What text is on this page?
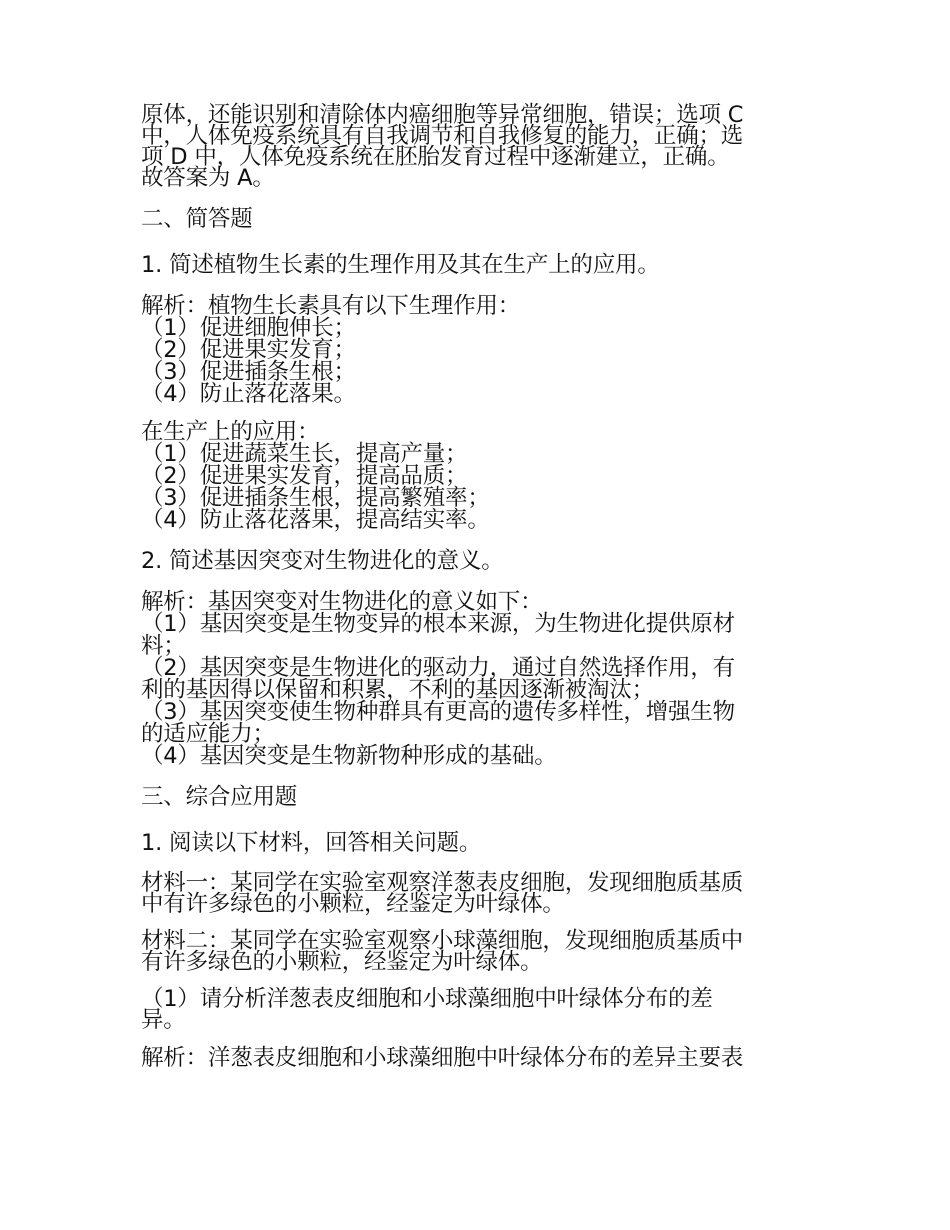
原体，还能识别和清除体内癌细胞等异常细胞，错误；选项 C
中，人体免疫系统具有自我调节和自我修复的能力，正确；选
项 D 中，人体免疫系统在胚胎发育过程中逐渐建立，正确。
故答案为 A。
二、简答题
1. 简述植物生长素的生理作用及其在生产上的应用。
解析：植物生长素具有以下生理作用：
（1）促进细胞伸长；
（2）促进果实发育；
（3）促进插条生根；
（4）防止落花落果。
在生产上的应用：
（1）促进蔬菜生长，提高产量；
（2）促进果实发育，提高品质；
（3）促进插条生根，提高繁殖率；
（4）防止落花落果，提高结实率。
2. 简述基因突变对生物进化的意义。
解析：基因突变对生物进化的意义如下：
（1）基因突变是生物变异的根本来源，为生物进化提供原材
料；
（2）基因突变是生物进化的驱动力，通过自然选择作用，有
利的基因得以保留和积累，不利的基因逐渐被淘汰；
（3）基因突变使生物种群具有更高的遗传多样性，增强生物
的适应能力；
（4）基因突变是生物新物种形成的基础。
三、综合应用题
1. 阅读以下材料，回答相关问题。
材料一：某同学在实验室观察洋葱表皮细胞，发现细胞质基质
中有许多绿色的小颗粒，经鉴定为叶绿体。
材料二：某同学在实验室观察小球藻细胞，发现细胞质基质中
有许多绿色的小颗粒，经鉴定为叶绿体。
（1）请分析洋葱表皮细胞和小球藻细胞中叶绿体分布的差
异。
解析：洋葱表皮细胞和小球藻细胞中叶绿体分布的差异主要表
